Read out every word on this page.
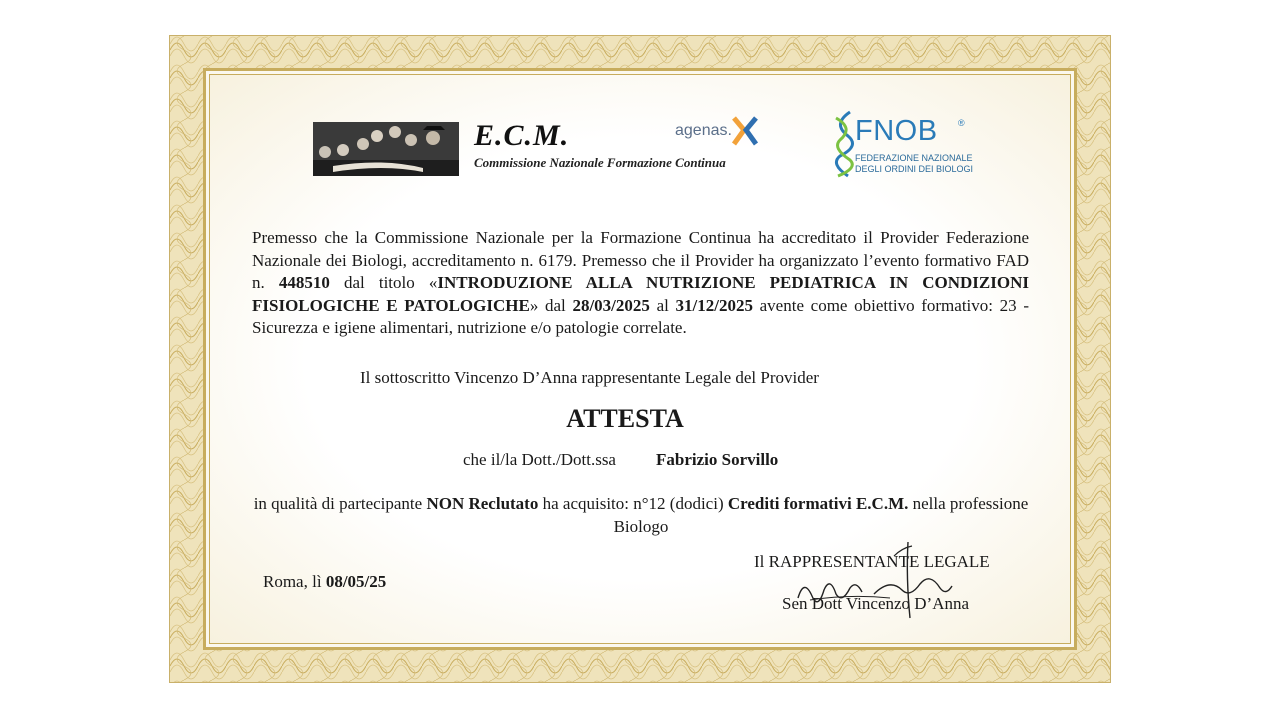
E.C.M.
Commissione Nazionale Formazione Continua
agenas.	FNOB ®
FEDERAZIONE NAZIONALE
DEGLI ORDINI DEI BIOLOGI
Premesso che la Commissione Nazionale per la Formazione Continua ha accreditato il Provider Federazione Nazionale dei Biologi, accreditamento n. 6179. Premesso che il Provider ha organizzato l’evento formativo FAD n. 448510 dal titolo «INTRODUZIONE ALLA NUTRIZIONE PEDIATRICA IN CONDIZIONI FISIOLOGICHE E PATOLOGICHE» dal 28/03/2025 al 31/12/2025 avente come obiettivo formativo: 23 - Sicurezza e igiene alimentari, nutrizione e/o patologie correlate.
Il sottoscritto Vincenzo D’Anna rappresentante Legale del Provider
ATTESTA
che il/la Dott./Dott.ssa Fabrizio Sorvillo
in qualità di partecipante NON Reclutato ha acquisito: n°12 (dodici) Crediti formativi E.C.M. nella professione Biologo
Roma, lì 08/05/25
Il RAPPRESENTANTE LEGALE
Sen Dott Vincenzo D’Anna
